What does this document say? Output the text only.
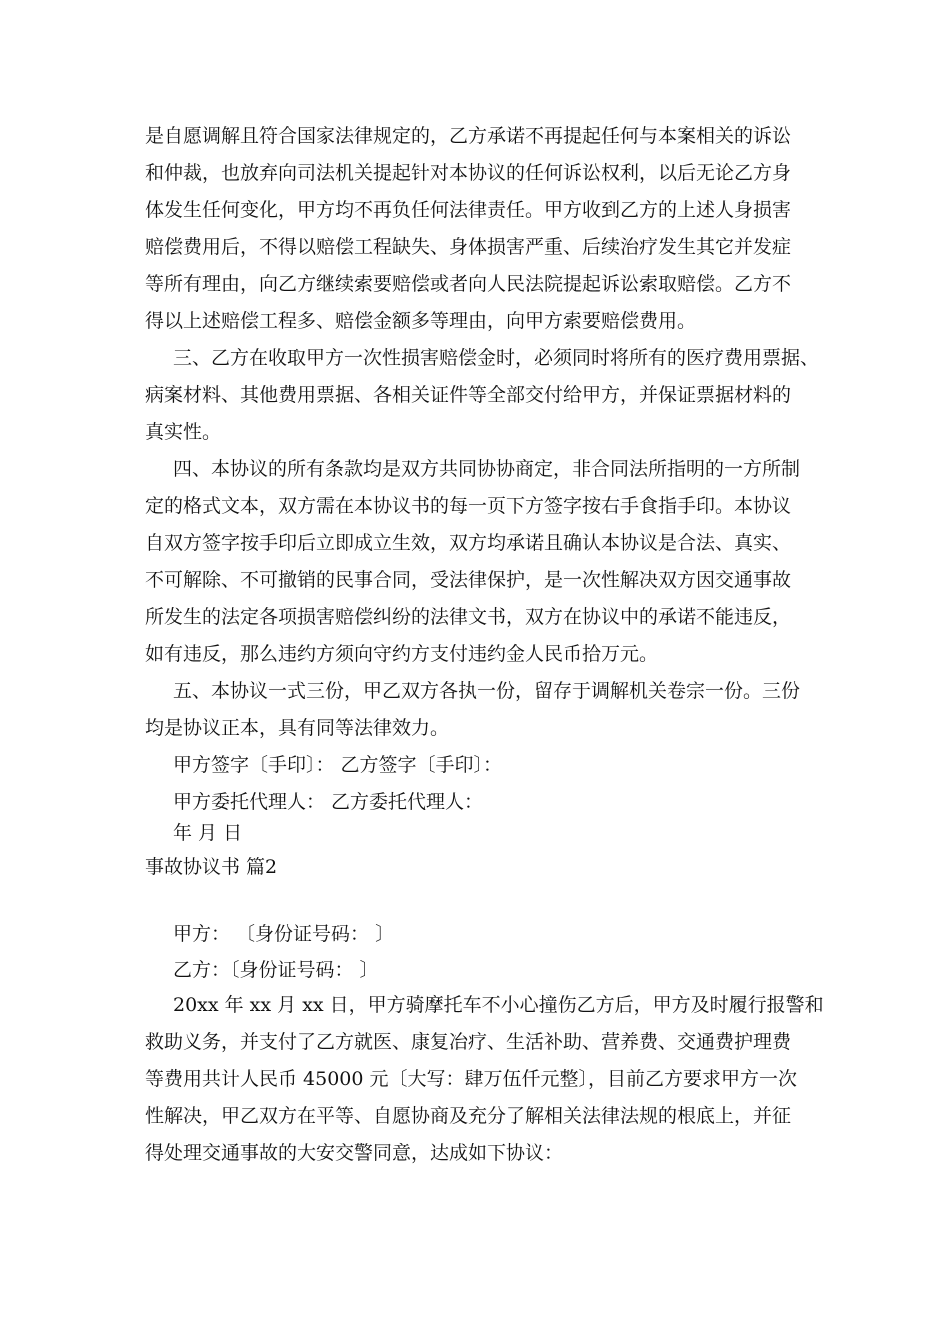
是自愿调解且符合国家法律规定的，乙方承诺不再提起任何与本案相关的诉讼
和仲裁，也放弃向司法机关提起针对本协议的任何诉讼权利，以后无论乙方身
体发生任何变化，甲方均不再负任何法律责任。甲方收到乙方的上述人身损害
赔偿费用后，不得以赔偿工程缺失、身体损害严重、后续治疗发生其它并发症
等所有理由，向乙方继续索要赔偿或者向人民法院提起诉讼索取赔偿。乙方不
得以上述赔偿工程多、赔偿金额多等理由，向甲方索要赔偿费用。
三、乙方在收取甲方一次性损害赔偿金时，必须同时将所有的医疗费用票据、
病案材料、其他费用票据、各相关证件等全部交付给甲方，并保证票据材料的
真实性。
四、本协议的所有条款均是双方共同协协商定，非合同法所指明的一方所制
定的格式文本，双方需在本协议书的每一页下方签字按右手食指手印。本协议
自双方签字按手印后立即成立生效，双方均承诺且确认本协议是合法、真实、
不可解除、不可撤销的民事合同，受法律保护，是一次性解决双方因交通事故
所发生的法定各项损害赔偿纠纷的法律文书，双方在协议中的承诺不能违反，
如有违反，那么违约方须向守约方支付违约金人民币拾万元。
五、本协议一式三份，甲乙双方各执一份，留存于调解机关卷宗一份。三份
均是协议正本，具有同等法律效力。
甲方签字〔手印〕： 乙方签字〔手印〕：
甲方委托代理人： 乙方委托代理人：
年 月 日
事故协议书 篇2
甲方： 〔身份证号码： 〕
乙方：〔身份证号码： 〕
20xx 年 xx 月 xx 日，甲方骑摩托车不小心撞伤乙方后，甲方及时履行报警和
救助义务，并支付了乙方就医、康复冶疗、生活补助、营养费、交通费护理费
等费用共计人民币 45000 元〔大写：肆万伍仟元整〕，目前乙方要求甲方一次
性解决，甲乙双方在平等、自愿协商及充分了解相关法律法规的根底上，并征
得处理交通事故的大安交警同意，达成如下协议：
